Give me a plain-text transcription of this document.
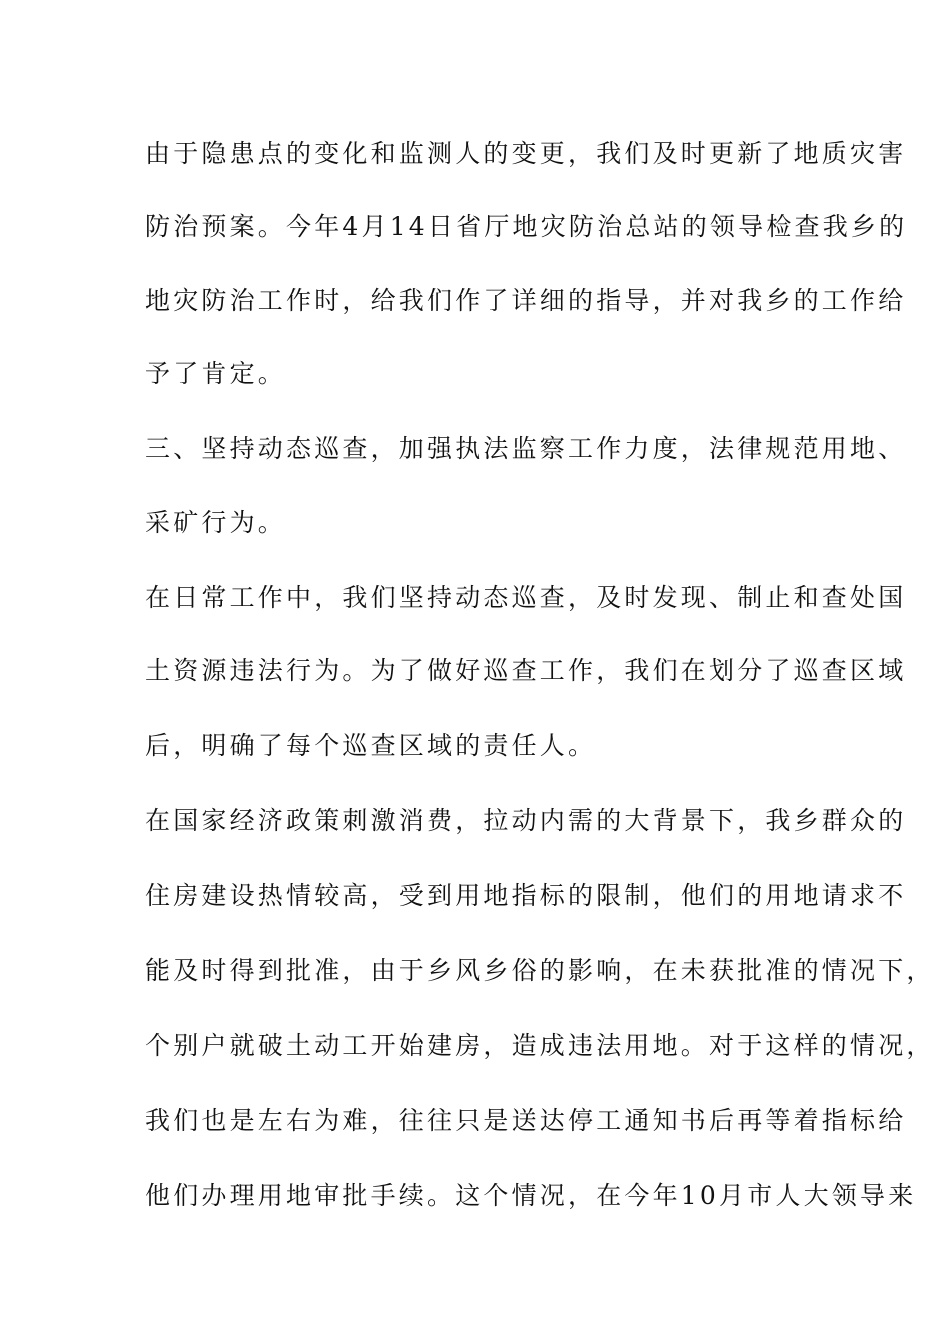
由于隐患点的变化和监测人的变更，我们及时更新了地质灾害
防治预案。今年4月14日省厅地灾防治总站的领导检查我乡的
地灾防治工作时，给我们作了详细的指导，并对我乡的工作给
予了肯定。
三、坚持动态巡查，加强执法监察工作力度，法律规范用地、
采矿行为。
在日常工作中，我们坚持动态巡查，及时发现、制止和查处国
土资源违法行为。为了做好巡查工作，我们在划分了巡查区域
后，明确了每个巡查区域的责任人。
在国家经济政策刺激消费，拉动内需的大背景下，我乡群众的
住房建设热情较高，受到用地指标的限制，他们的用地请求不
能及时得到批准，由于乡风乡俗的影响，在未获批准的情况下，
个别户就破土动工开始建房，造成违法用地。对于这样的情况，
我们也是左右为难，往往只是送达停工通知书后再等着指标给
他们办理用地审批手续。这个情况，在今年10月市人大领导来
